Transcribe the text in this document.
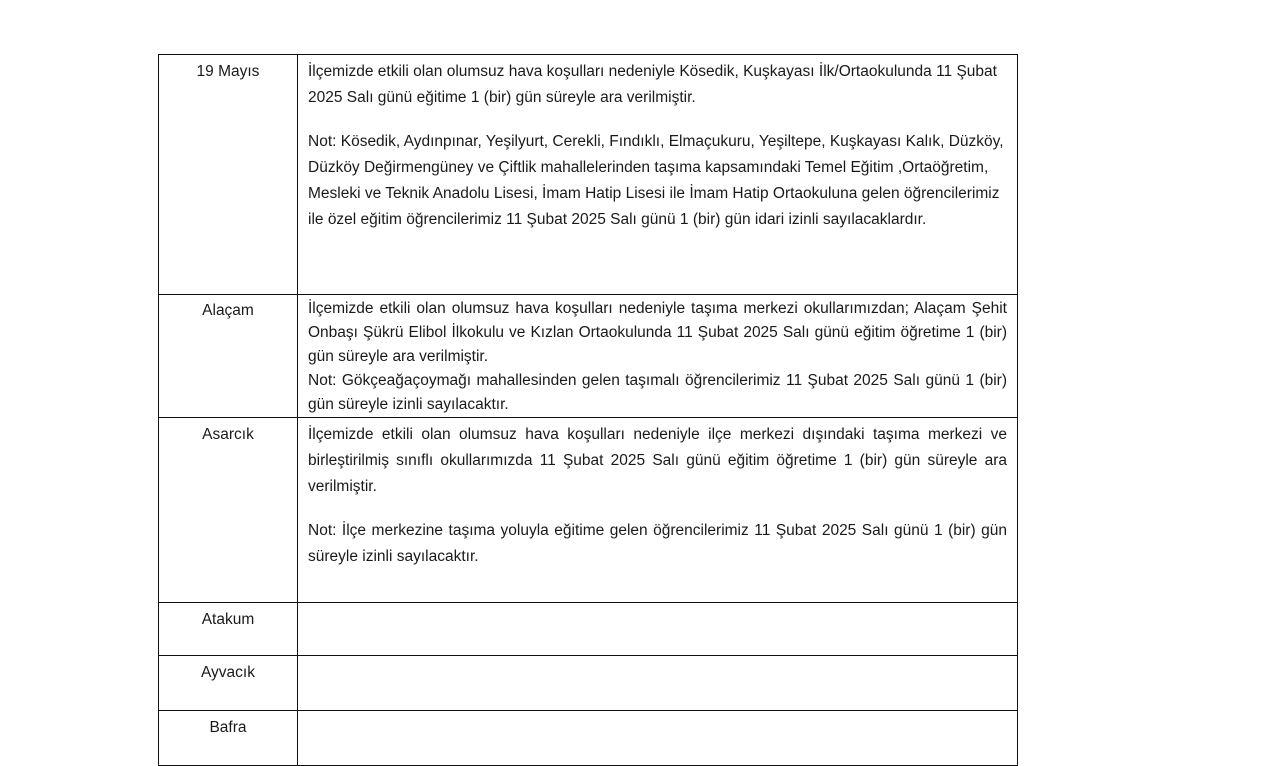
19 Mayıs	İlçemizde etkili olan olumsuz hava koşulları nedeniyle Kösedik, Kuşkayası İlk/Ortaokulunda 11 Şubat 2025 Salı günü eğitime 1 (bir) gün süreyle ara verilmiştir.

Not: Kösedik, Aydınpınar, Yeşilyurt, Cerekli, Fındıklı, Elmaçukuru, Yeşiltepe, Kuşkayası Kalık, Düzköy, Düzköy Değirmengüney ve Çiftlik mahallelerinden taşıma kapsamındaki Temel Eğitim ,Ortaöğretim, Mesleki ve Teknik Anadolu Lisesi, İmam Hatip Lisesi ile İmam Hatip Ortaokuluna gelen öğrencilerimiz ile özel eğitim öğrencilerimiz 11 Şubat 2025 Salı günü 1 (bir) gün idari izinli sayılacaklardır.

Alaçam	İlçemizde etkili olan olumsuz hava koşulları nedeniyle taşıma merkezi okullarımızdan; Alaçam Şehit Onbaşı Şükrü Elibol İlkokulu ve Kızlan Ortaokulunda 11 Şubat 2025 Salı günü eğitim öğretime 1 (bir) gün süreyle ara verilmiştir.

Not: Gökçeağaçoymağı mahallesinden gelen taşımalı öğrencilerimiz 11 Şubat 2025 Salı günü 1 (bir) gün süreyle izinli sayılacaktır.

Asarcık	İlçemizde etkili olan olumsuz hava koşulları nedeniyle ilçe merkezi dışındaki taşıma merkezi ve birleştirilmiş sınıflı okullarımızda 11 Şubat 2025 Salı günü eğitim öğretime 1 (bir) gün süreyle ara verilmiştir.

Not: İlçe merkezine taşıma yoluyla eğitime gelen öğrencilerimiz 11 Şubat 2025 Salı günü 1 (bir) gün süreyle izinli sayılacaktır.

Atakum	
Ayvacık	
Bafra	
